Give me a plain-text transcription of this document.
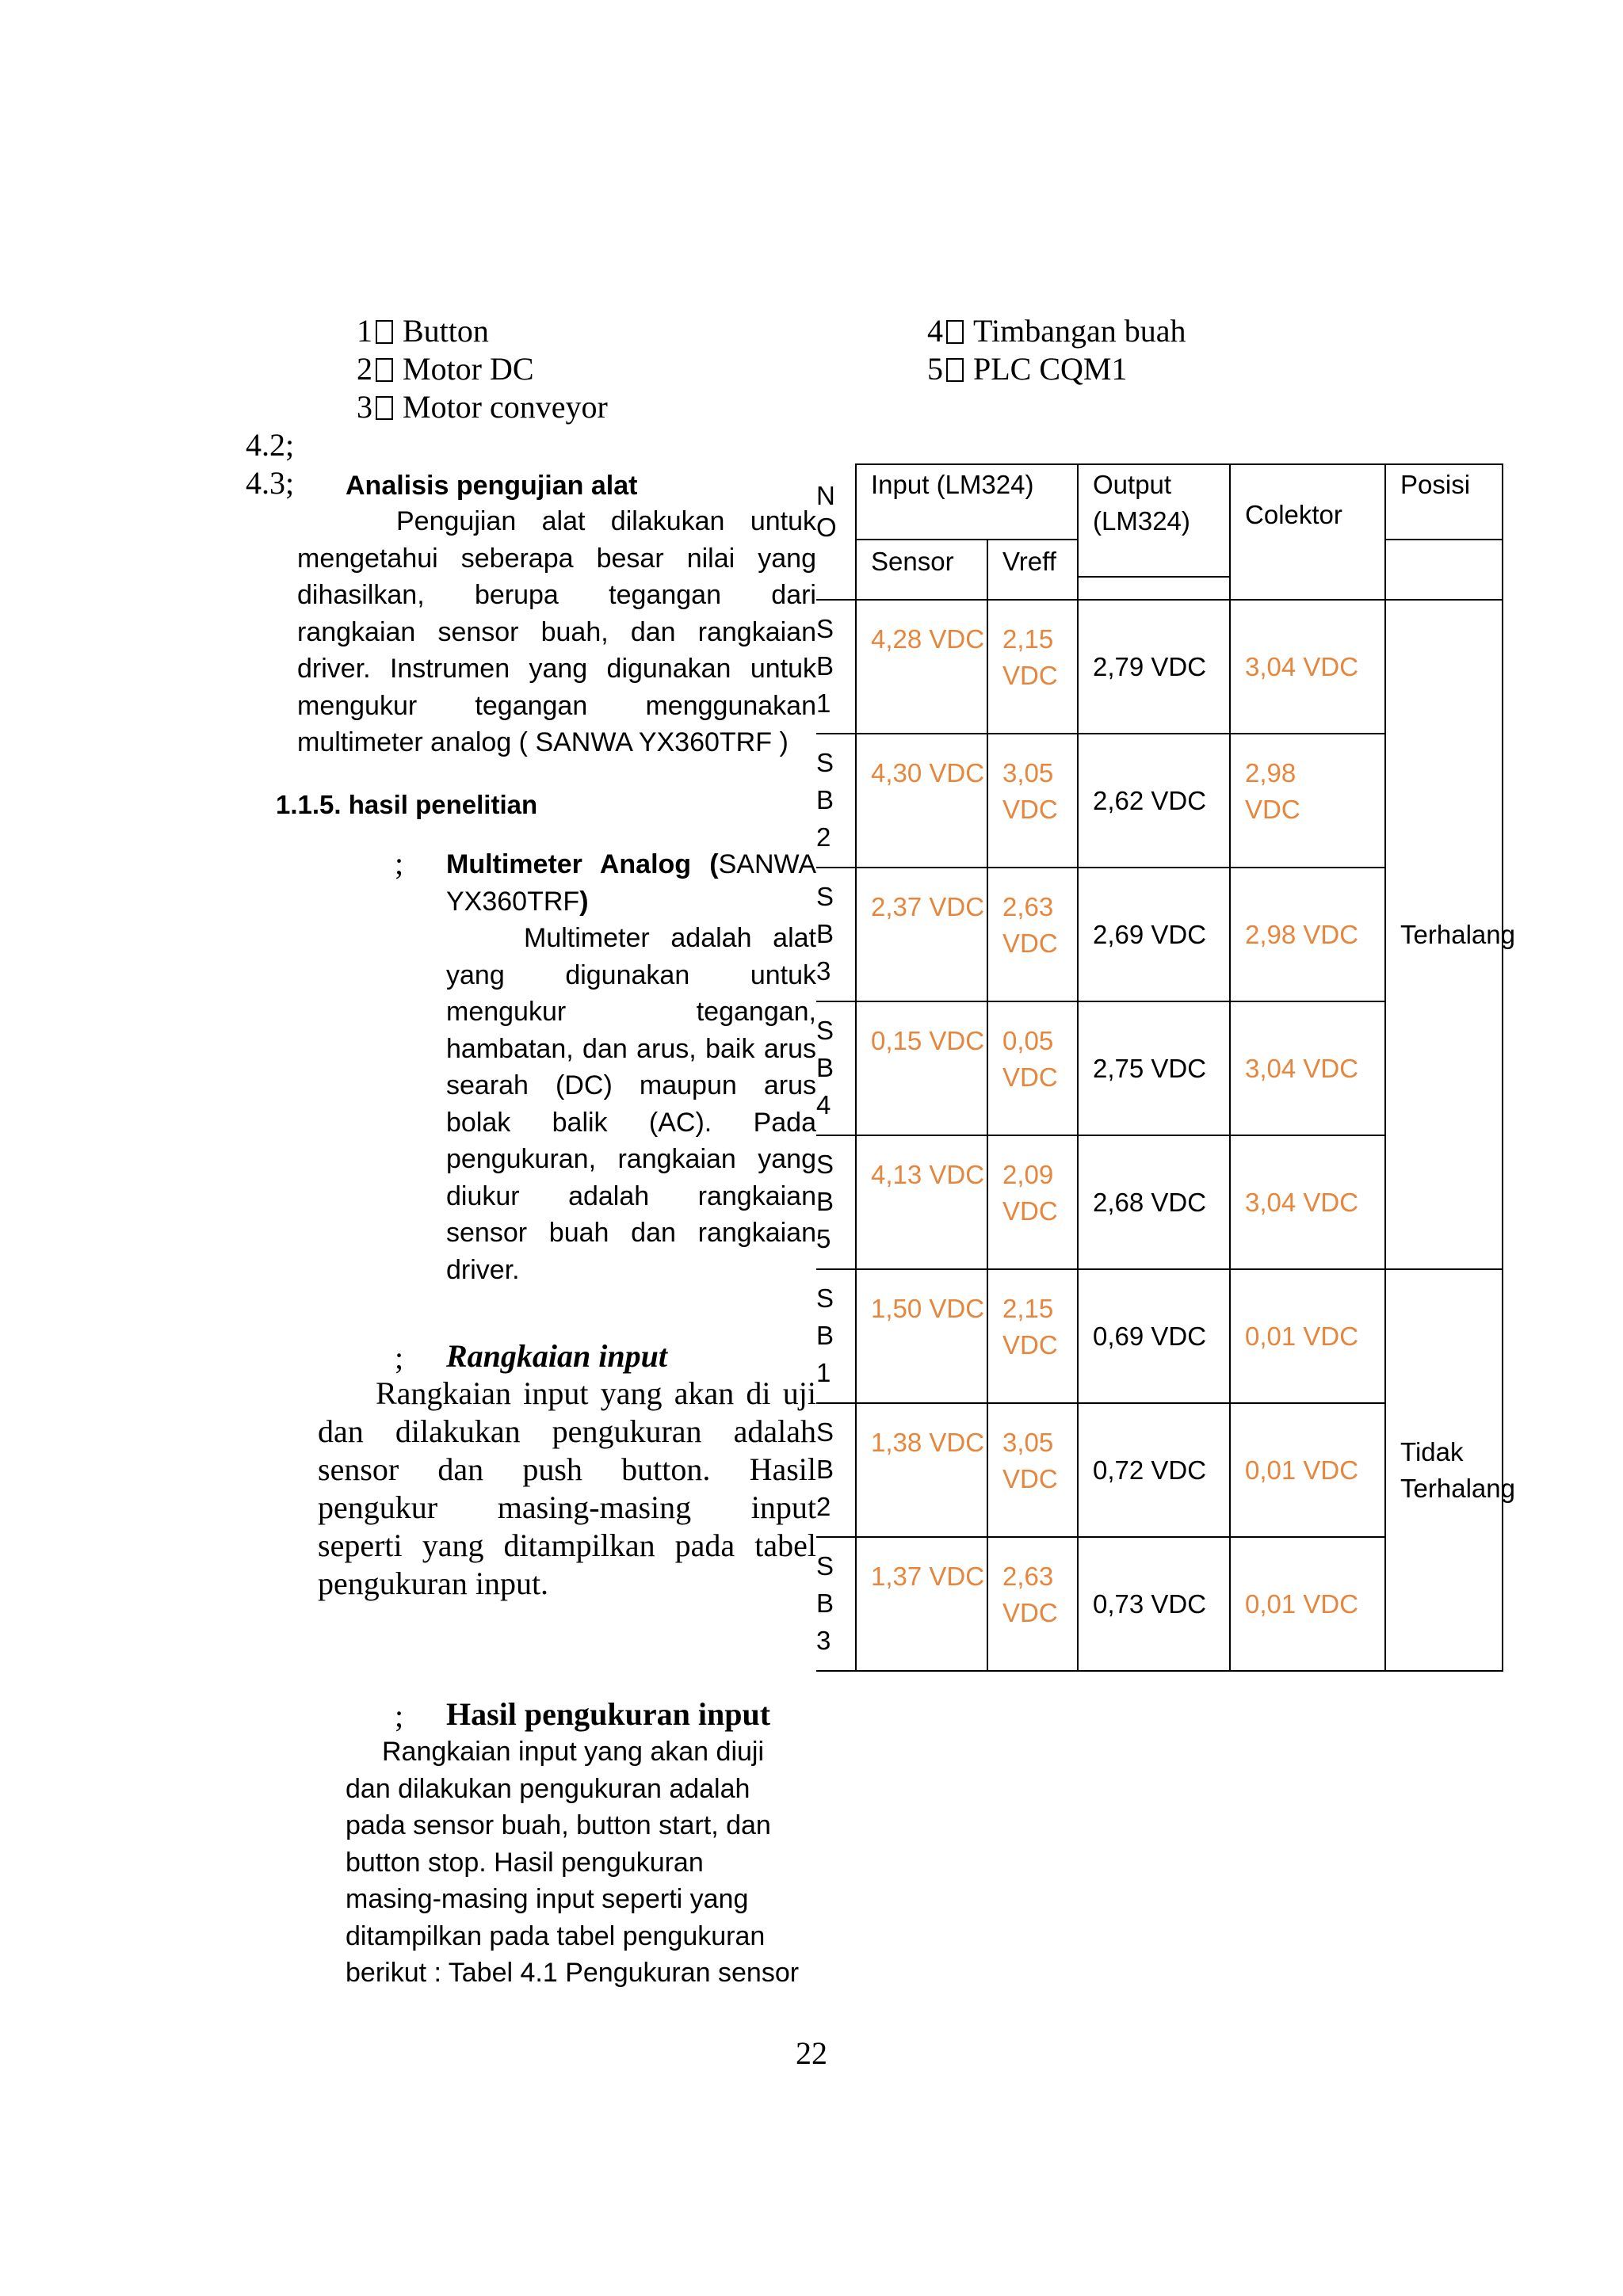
1 Button
2 Motor DC
3 Motor conveyor
4 Timbangan buah
5 PLC CQM1
4.2;
4.3; Analisis pengujian alat
Pengujian alat dilakukan untuk
mengetahui seberapa besar nilai yang
dihasilkan, berupa tegangan dari
rangkaian sensor buah, dan rangkaian
driver. Instrumen yang digunakan untuk
mengukur tegangan menggunakan
multimeter analog ( SANWA YX360TRF )
1.1.5. hasil penelitian
; Multimeter Analog (SANWA
YX360TRF)
Multimeter adalah alat
yang digunakan untuk
mengukur tegangan,
hambatan, dan arus, baik arus
searah (DC) maupun arus
bolak balik (AC). Pada
pengukuran, rangkaian yang
diukur adalah rangkaian
sensor buah dan rangkaian
driver.
; Rangkaian input
Rangkaian input yang akan di uji
dan dilakukan pengukuran adalah
sensor dan push button. Hasil
pengukur masing-masing input
seperti yang ditampilkan pada tabel
pengukuran input.
; Hasil pengukuran input
Rangkaian input yang akan diuji
dan dilakukan pengukuran adalah
pada sensor buah, button start, dan
button stop. Hasil pengukuran
masing-masing input seperti yang
ditampilkan pada tabel pengukuran
berikut : Tabel 4.1 Pengukuran sensor
NO	Input (LM324)		Output (LM324)	Colektor	Posisi

	Sensor	Vreff			

SB1	4,28 VDC	2,15 VDC	2,79 VDC	3,04 VDC	Terhalang

SB2	4,30 VDC	3,05 VDC	2,62 VDC	2,98 VDC	

SB3	2,37 VDC	2,63 VDC	2,69 VDC	2,98 VDC	

SB4	0,15 VDC	0,05 VDC	2,75 VDC	3,04 VDC	

SB5	4,13 VDC	2,09 VDC	2,68 VDC	3,04 VDC	

SB1	1,50 VDC	2,15 VDC	0,69 VDC	0,01 VDC	Tidak Terhalang

SB2	1,38 VDC	3,05 VDC	0,72 VDC	0,01 VDC	

SB3	1,37 VDC	2,63 VDC	0,73 VDC	0,01 VDC	
22
